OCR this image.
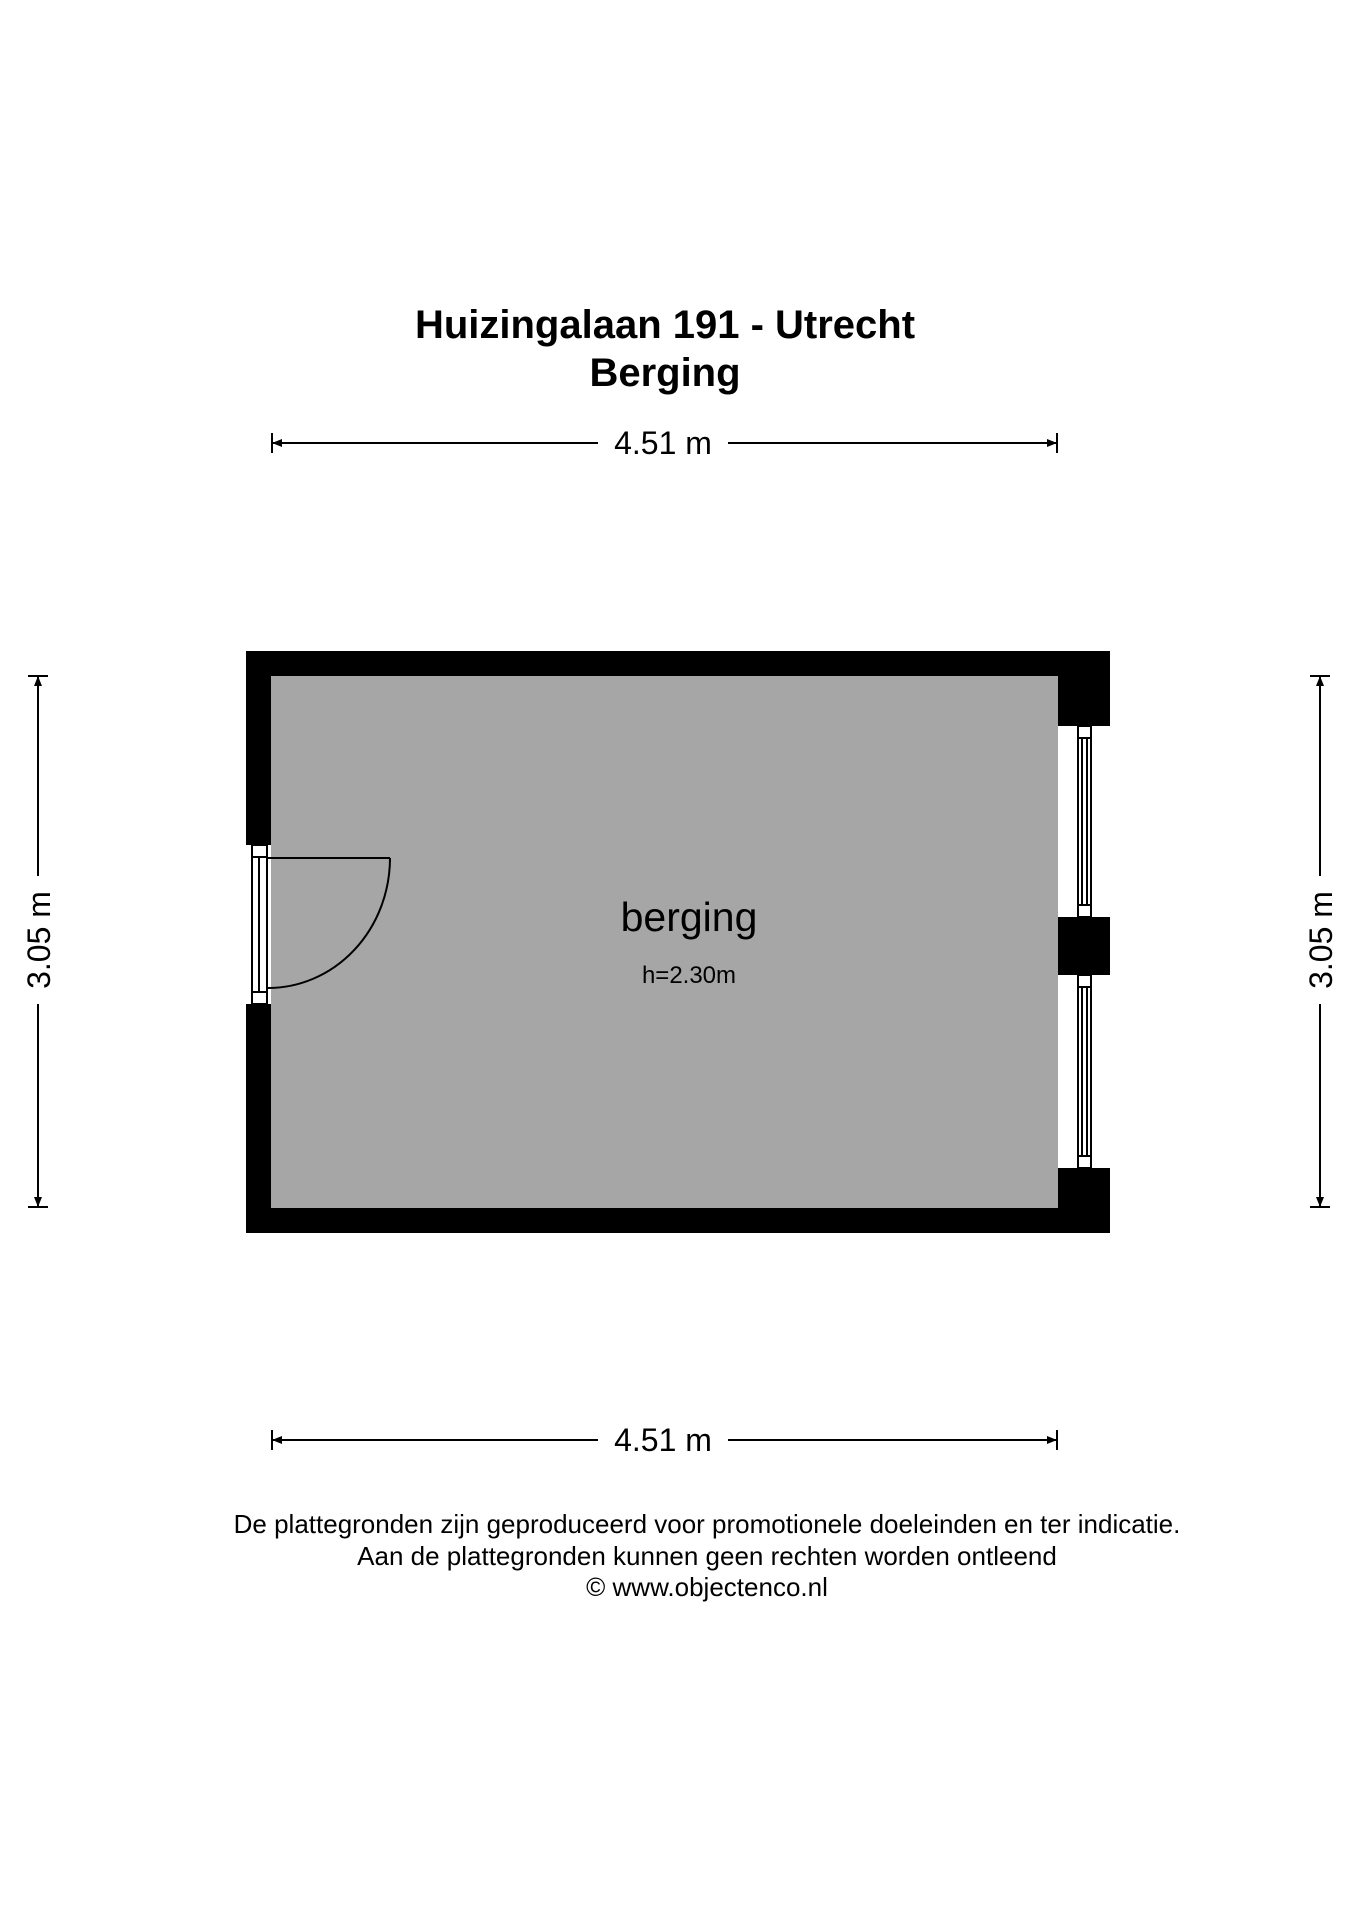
Huizingalaan 191 - Utrecht
Berging
4.51 m
4.51 m
3.05 m	3.05 m
berging
h=2.30m

De plattegronden zijn geproduceerd voor promotionele doeleinden en ter indicatie.

Aan de plattegronden kunnen geen rechten worden ontleend

© www.objectenco.nl
